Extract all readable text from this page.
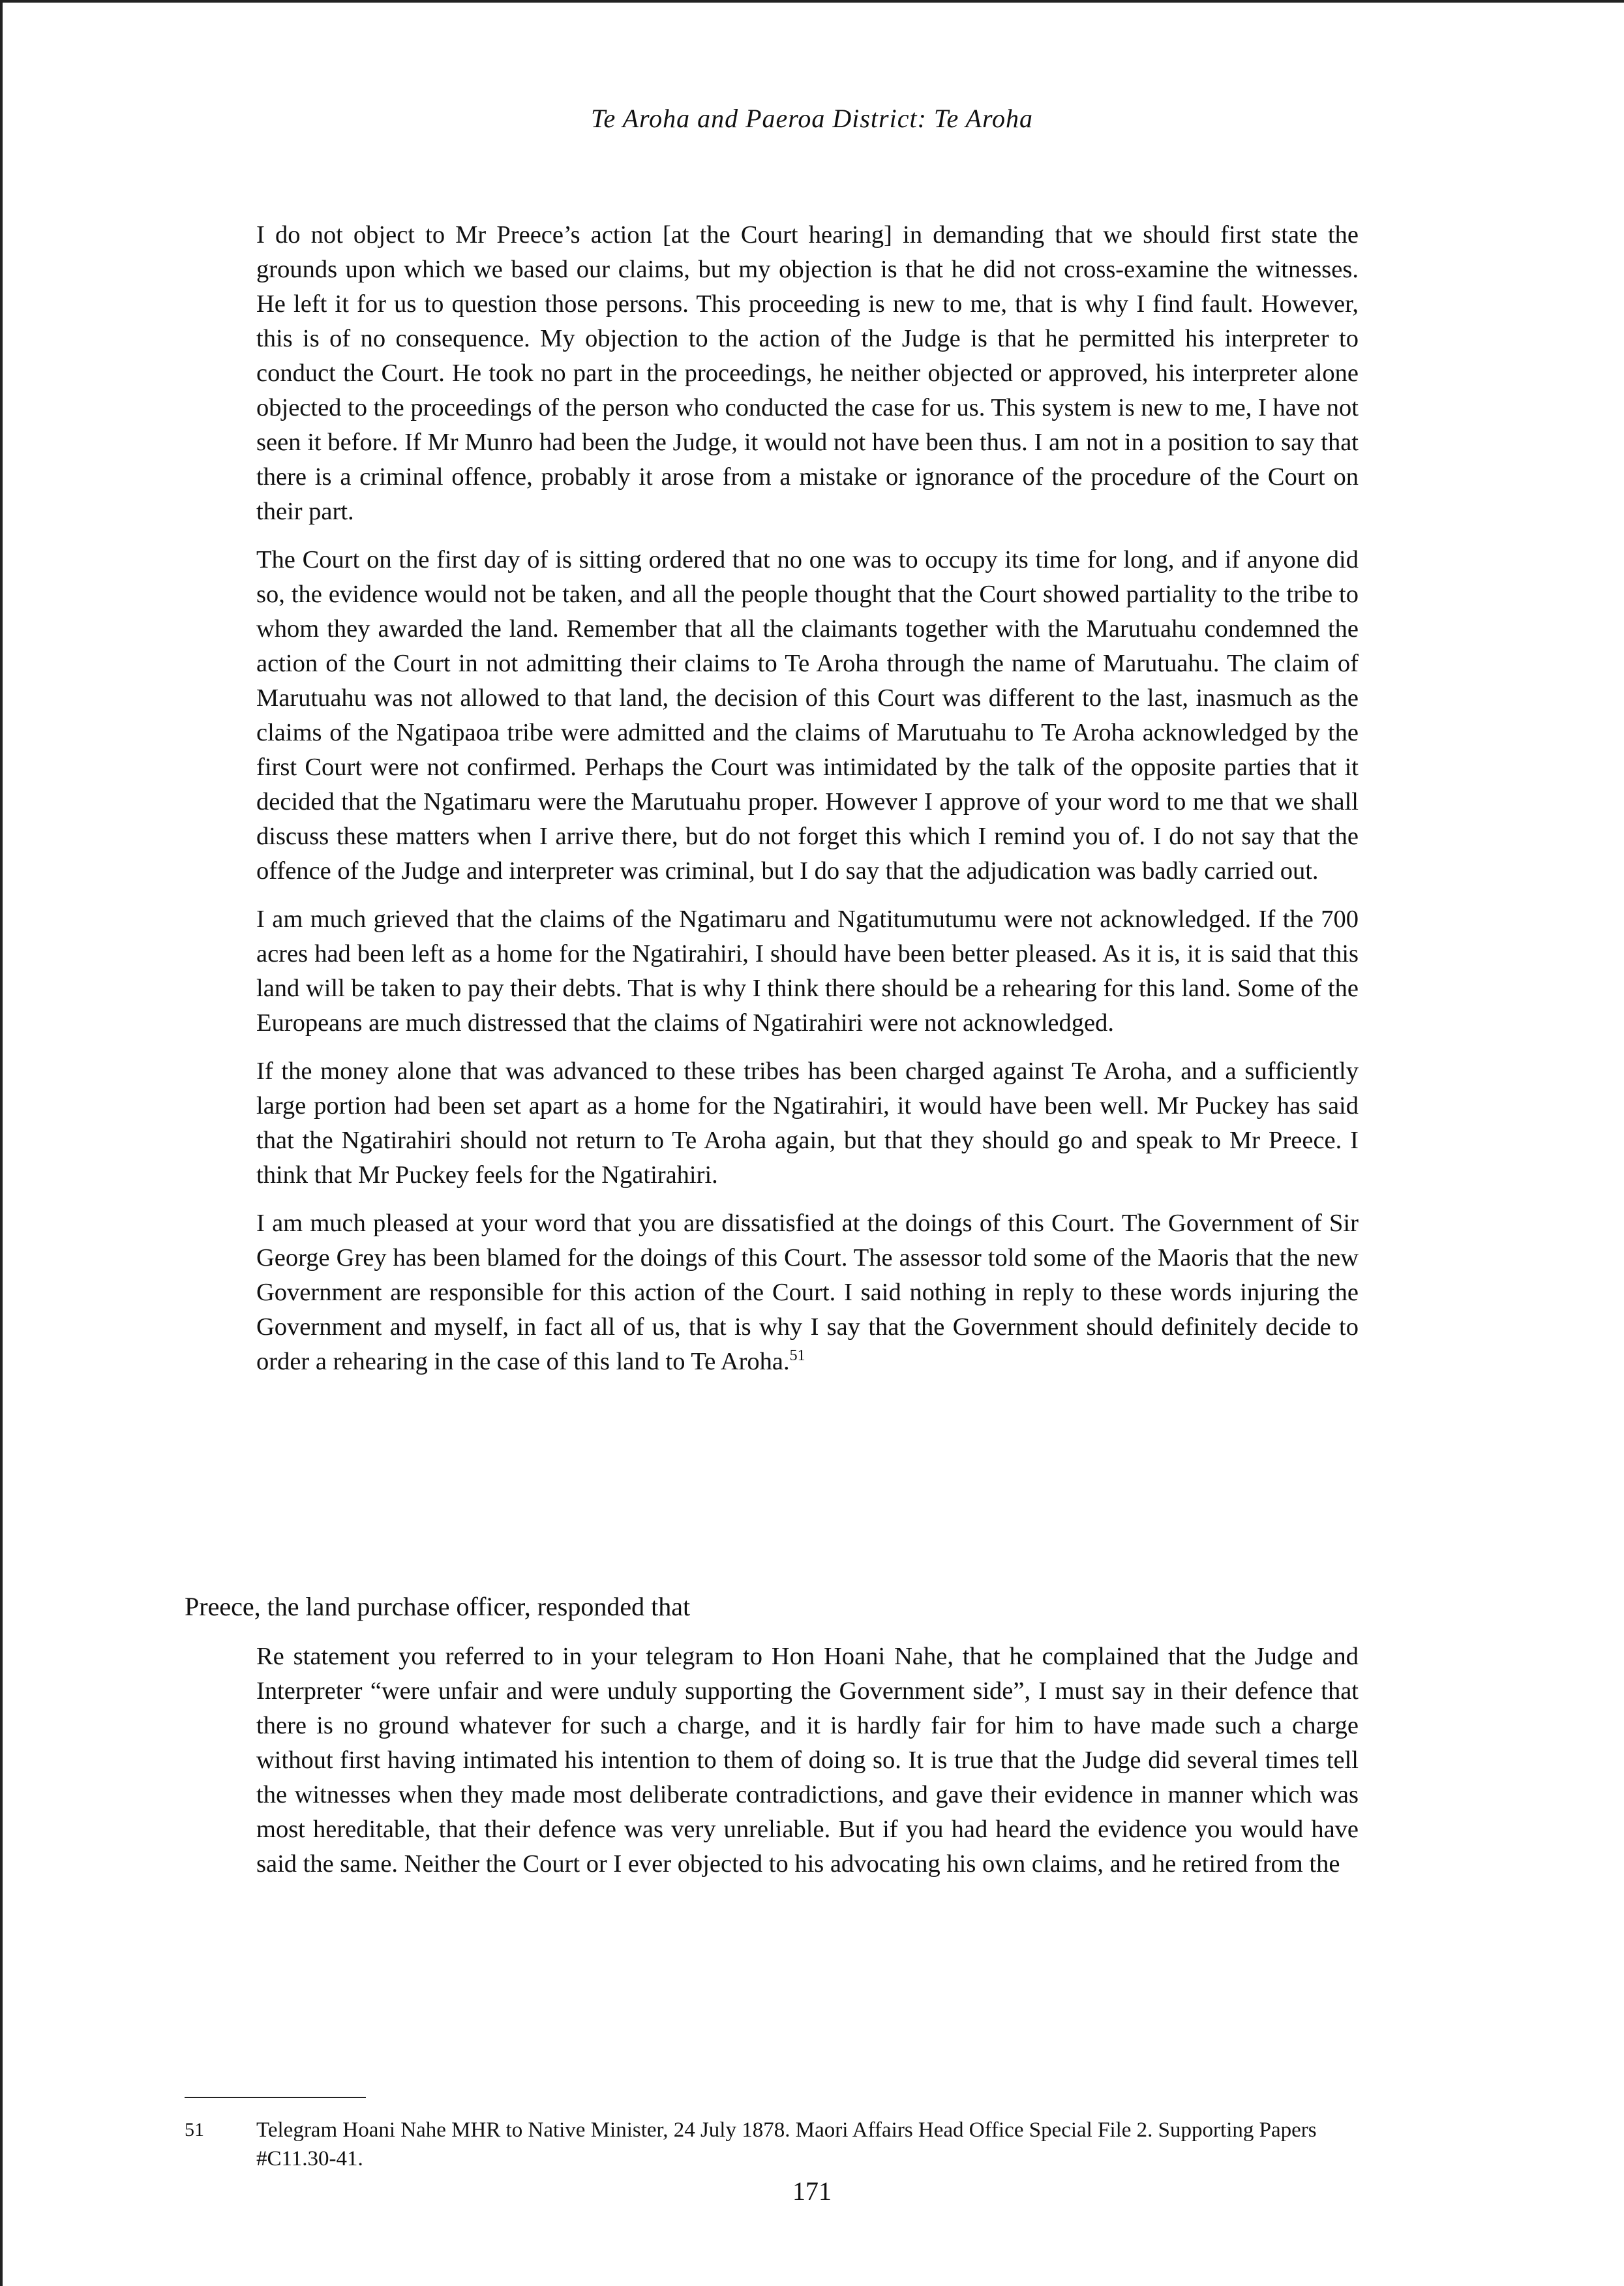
Te Aroha and Paeroa District: Te Aroha

I do not object to Mr Preece’s action [at the Court hearing] in demanding that we should first state the grounds upon which we based our claims, but my objection is that he did not cross-examine the witnesses. He left it for us to question those persons. This proceeding is new to me, that is why I find fault. However, this is of no consequence. My objection to the action of the Judge is that he permitted his interpreter to conduct the Court. He took no part in the proceedings, he neither objected or approved, his interpreter alone objected to the proceedings of the person who conducted the case for us. This system is new to me, I have not seen it before. If Mr Munro had been the Judge, it would not have been thus. I am not in a position to say that there is a criminal offence, probably it arose from a mistake or ignorance of the procedure of the Court on their part.

The Court on the first day of is sitting ordered that no one was to occupy its time for long, and if anyone did so, the evidence would not be taken, and all the people thought that the Court showed partiality to the tribe to whom they awarded the land. Remember that all the claimants together with the Marutuahu condemned the action of the Court in not admitting their claims to Te Aroha through the name of Marutuahu. The claim of Marutuahu was not allowed to that land, the decision of this Court was different to the last, inasmuch as the claims of the Ngatipaoa tribe were admitted and the claims of Marutuahu to Te Aroha acknowledged by the first Court were not confirmed. Perhaps the Court was intimidated by the talk of the opposite parties that it decided that the Ngatimaru were the Marutuahu proper. However I approve of your word to me that we shall discuss these matters when I arrive there, but do not forget this which I remind you of. I do not say that the offence of the Judge and interpreter was criminal, but I do say that the adjudication was badly carried out.

I am much grieved that the claims of the Ngatimaru and Ngatitumutumu were not acknowledged. If the 700 acres had been left as a home for the Ngatirahiri, I should have been better pleased. As it is, it is said that this land will be taken to pay their debts. That is why I think there should be a rehearing for this land. Some of the Europeans are much distressed that the claims of Ngatirahiri were not acknowledged.

If the money alone that was advanced to these tribes has been charged against Te Aroha, and a sufficiently large portion had been set apart as a home for the Ngatirahiri, it would have been well. Mr Puckey has said that the Ngatirahiri should not return to Te Aroha again, but that they should go and speak to Mr Preece. I think that Mr Puckey feels for the Ngatirahiri.

I am much pleased at your word that you are dissatisfied at the doings of this Court. The Government of Sir George Grey has been blamed for the doings of this Court. The assessor told some of the Maoris that the new Government are responsible for this action of the Court. I said nothing in reply to these words injuring the Government and myself, in fact all of us, that is why I say that the Government should definitely decide to order a rehearing in the case of this land to Te Aroha.$^{51}$

Preece, the land purchase officer, responded that

Re statement you referred to in your telegram to Hon Hoani Nahe, that he complained that the Judge and Interpreter “were unfair and were unduly supporting the Government side”, I must say in their defence that there is no ground whatever for such a charge, and it is hardly fair for him to have made such a charge without first having intimated his intention to them of doing so. It is true that the Judge did several times tell the witnesses when they made most deliberate contradictions, and gave their evidence in manner which was most hereditable, that their defence was very unreliable. But if you had heard the evidence you would have said the same. Neither the Court or I ever objected to his advocating his own claims, and he retired from the

51 Telegram Hoani Nahe MHR to Native Minister, 24 July 1878. Maori Affairs Head Office Special File 2. Supporting Papers #C11.30-41.
171
